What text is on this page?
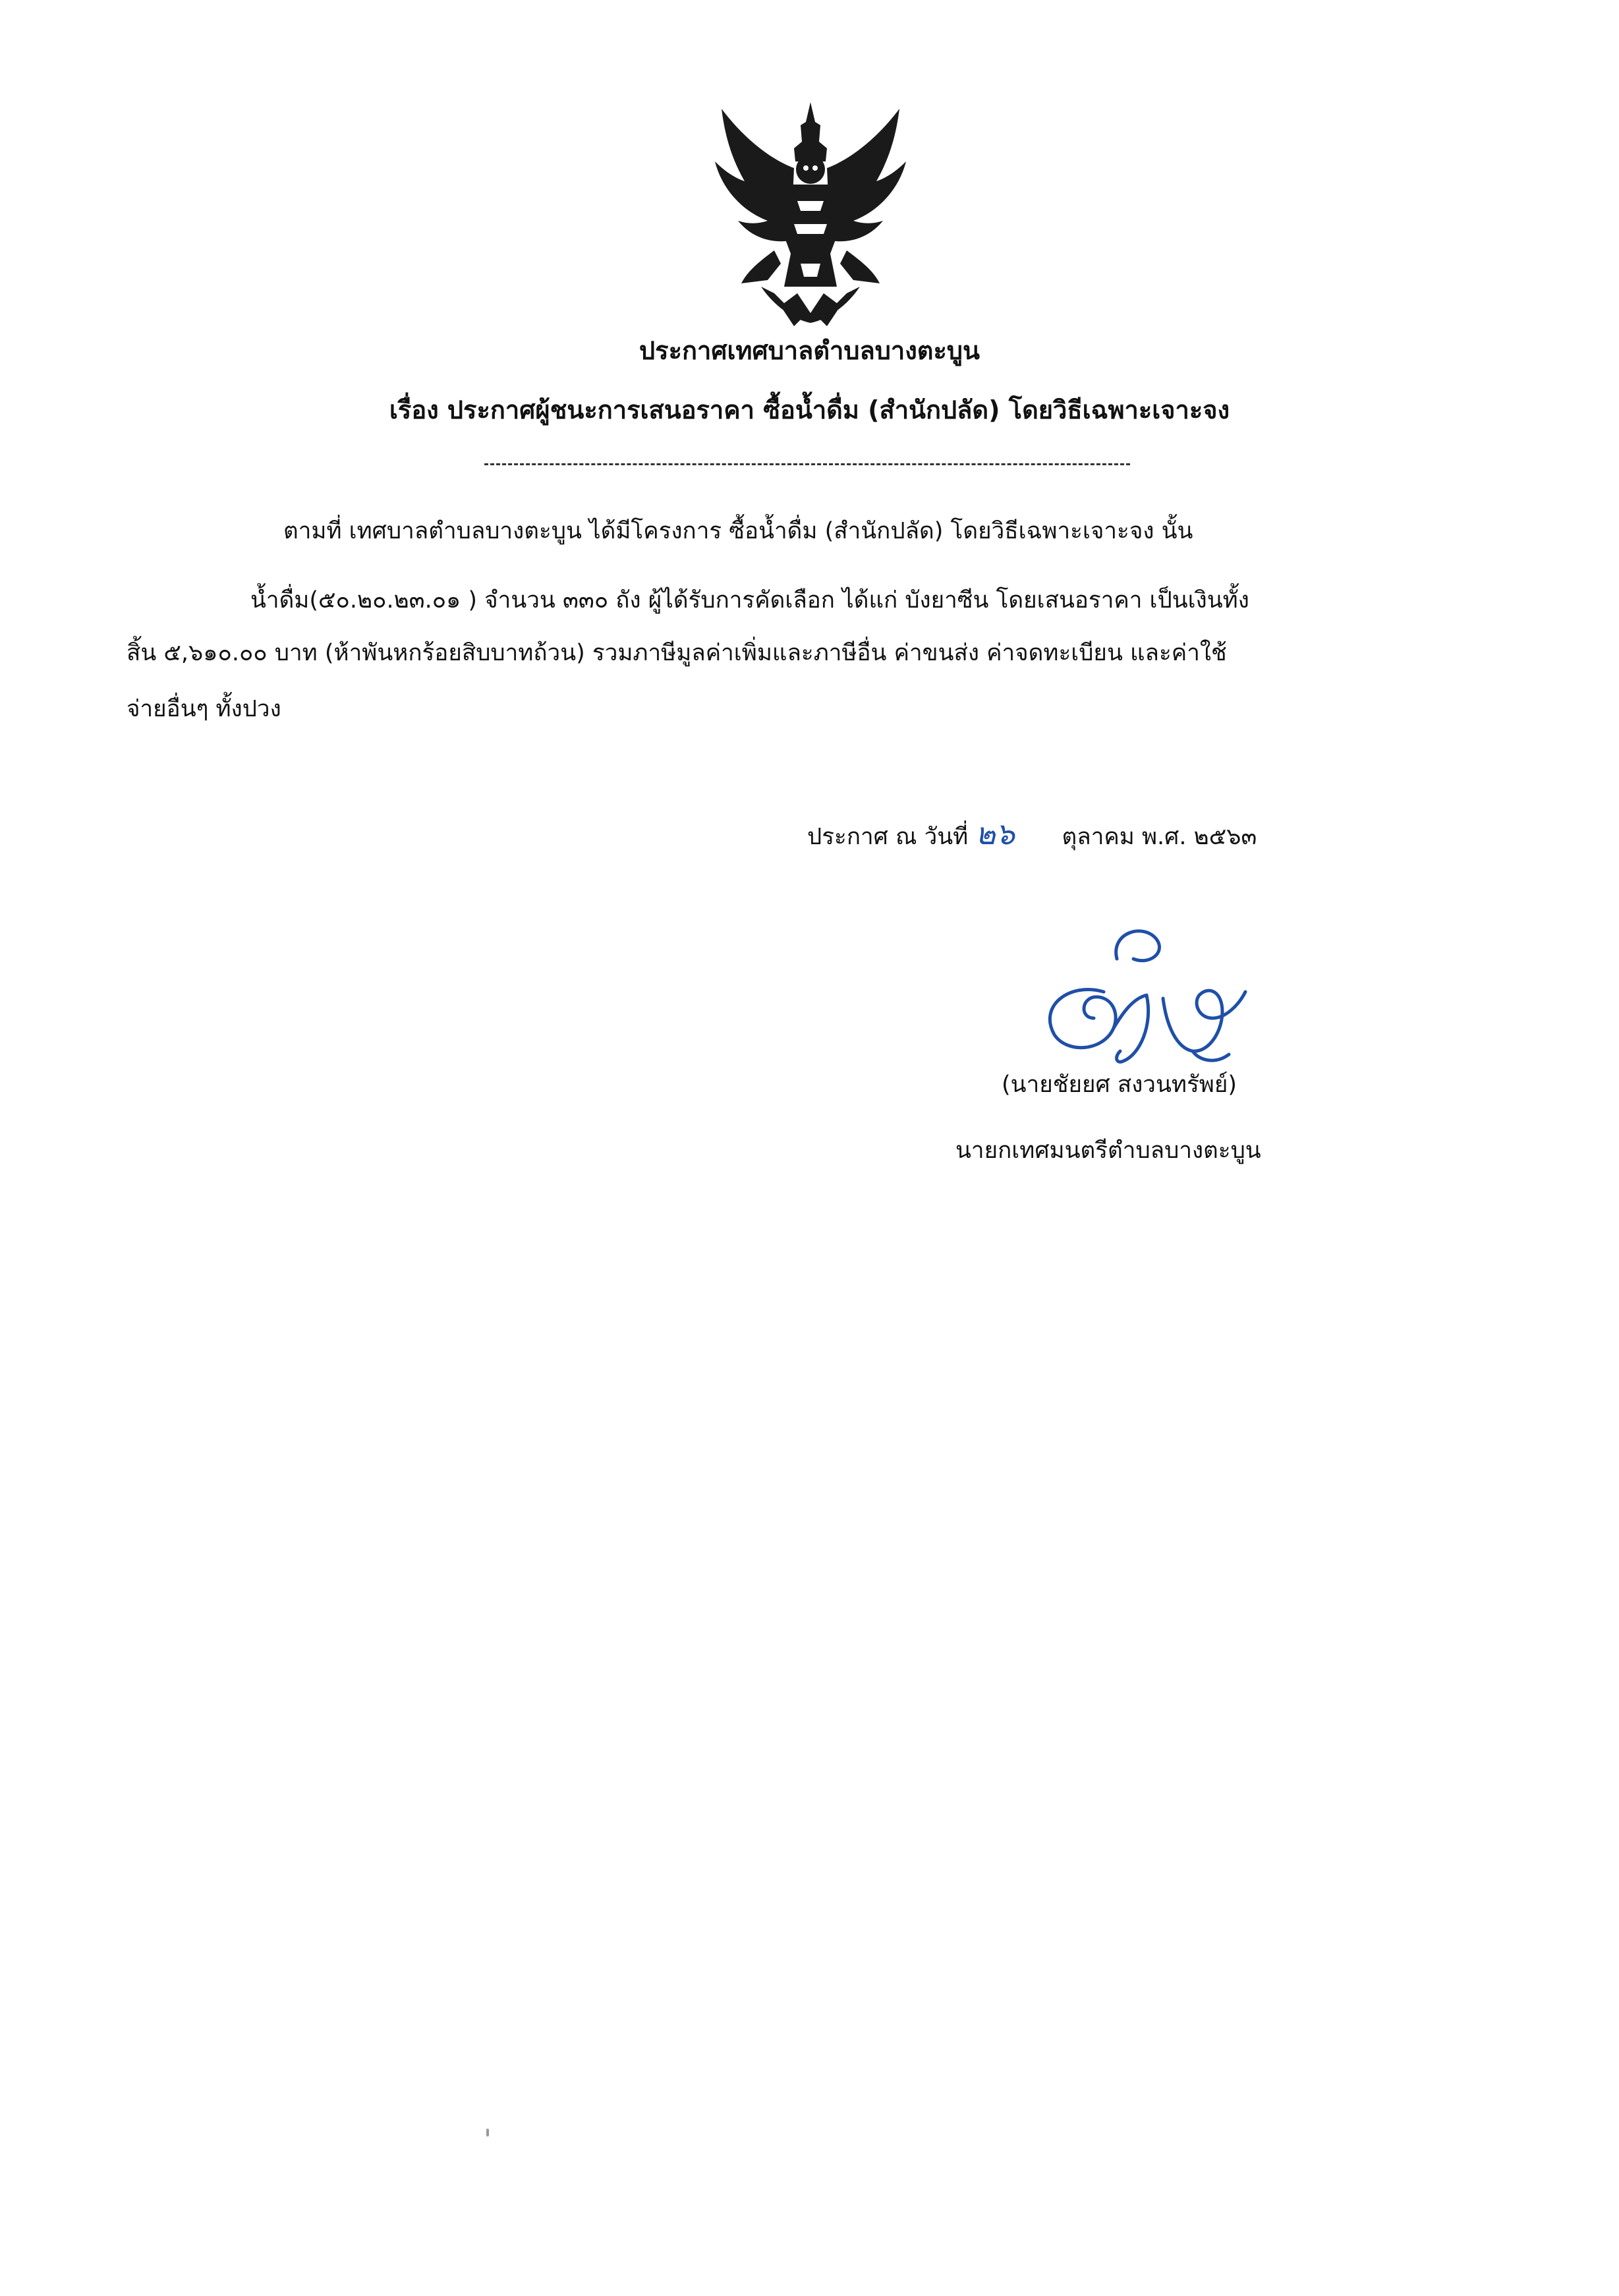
ประกาศเทศบาลตำบลบางตะบูน
เรื่อง ประกาศผู้ชนะการเสนอราคา ซื้อน้ำดื่ม (สำนักปลัด) โดยวิธีเฉพาะเจาะจง
ตามที่ เทศบาลตำบลบางตะบูน ได้มีโครงการ ซื้อน้ำดื่ม (สำนักปลัด) โดยวิธีเฉพาะเจาะจง นั้น
น้ำดื่ม(๕๐.๒๐.๒๓.๐๑ ) จำนวน ๓๓๐ ถัง ผู้ได้รับการคัดเลือก ได้แก่ บังยาซีน โดยเสนอราคา เป็นเงินทั้ง
สิ้น ๕,๖๑๐.๐๐ บาท (ห้าพันหกร้อยสิบบาทถ้วน) รวมภาษีมูลค่าเพิ่มและภาษีอื่น ค่าขนส่ง ค่าจดทะเบียน และค่าใช้
จ่ายอื่นๆ ทั้งปวง
ประกาศ ณ วันที่ ๒๖ ตุลาคม พ.ศ. ๒๕๖๓
(นายชัยยศ สงวนทรัพย์)
นายกเทศมนตรีตำบลบางตะบูน
